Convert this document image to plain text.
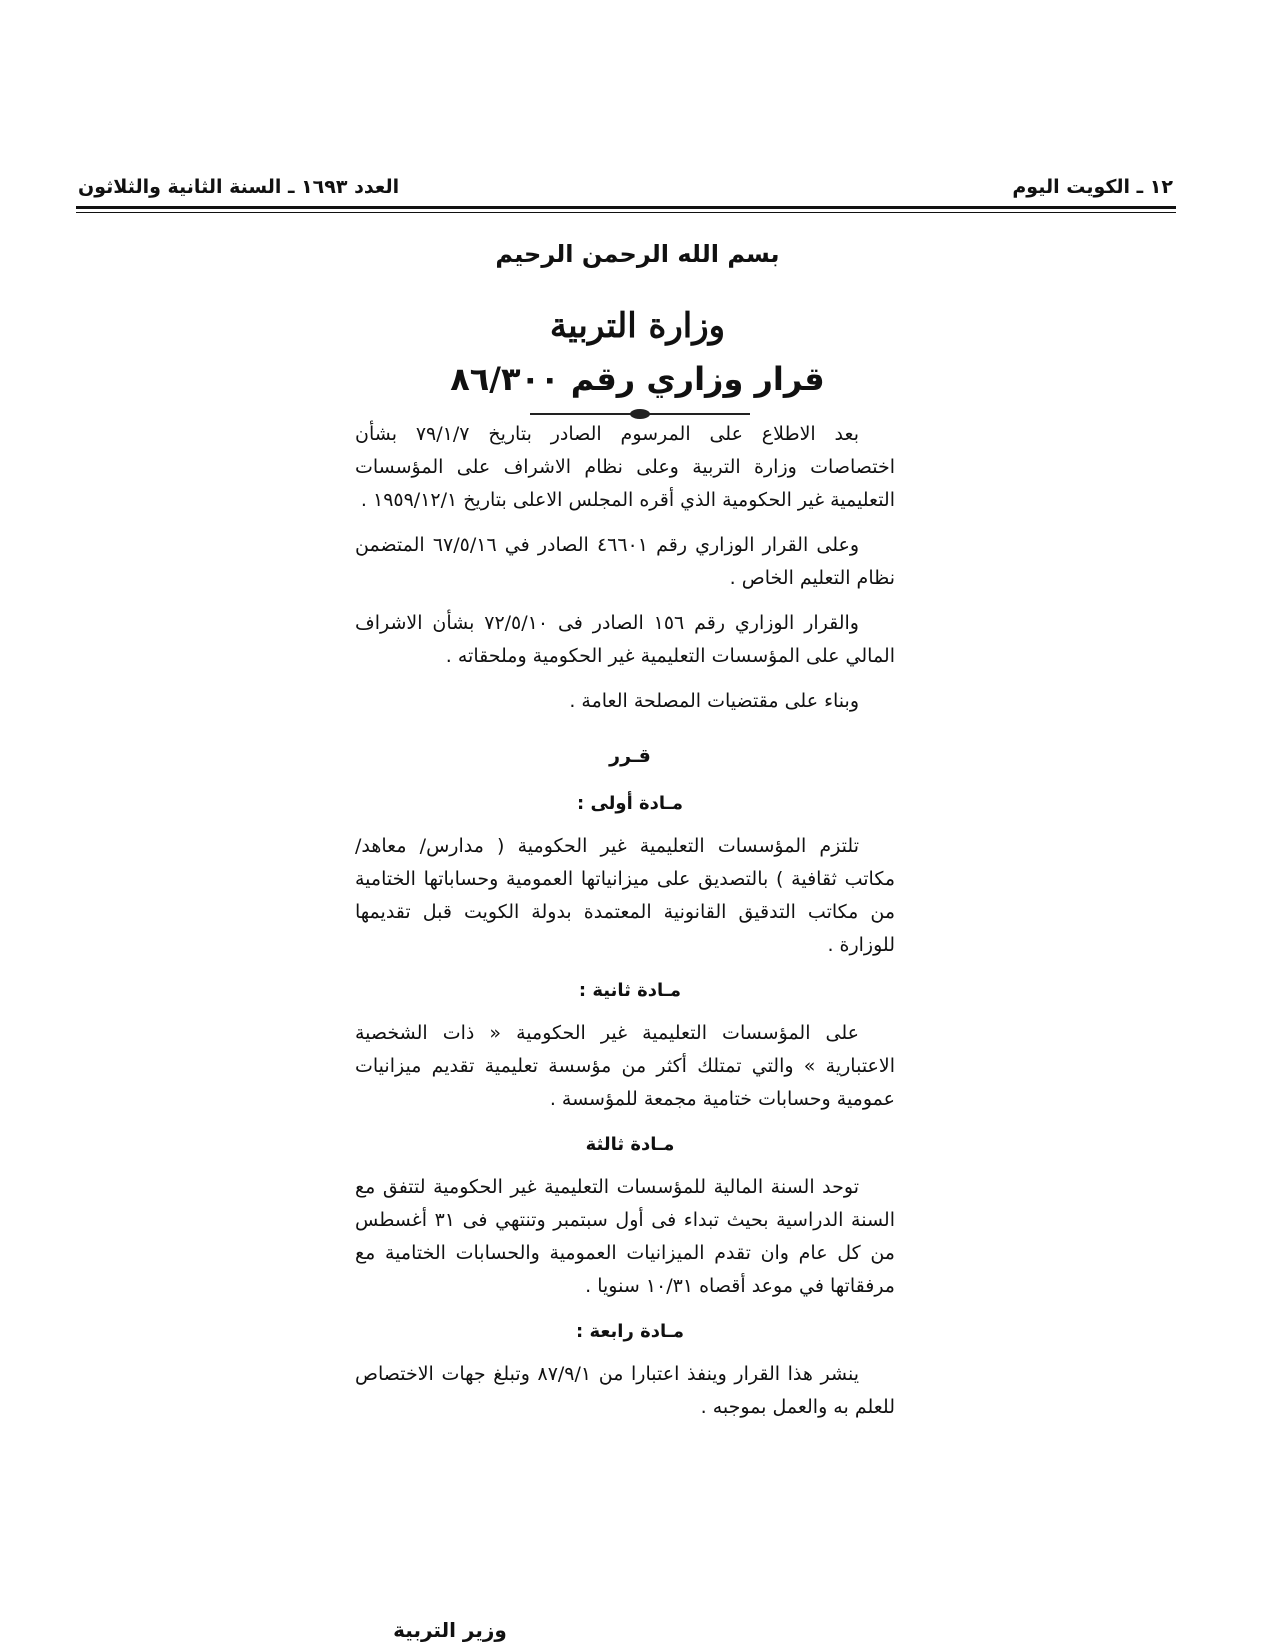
١٢ ـ الكويت اليوم
العدد ١٦٩٣ ـ السنة الثانية والثلاثون
بسم الله الرحمن الرحيم
وزارة التربية
قرار وزاري رقم ٨٦/٣٠٠

بعد الاطلاع على المرسوم الصادر بتاريخ ٧٩/١/٧ بشأن اختصاصات وزارة التربية وعلى نظام الاشراف على المؤسسات التعليمية غير الحكومية الذي أقره المجلس الاعلى بتاريخ ١٩٥٩/١٢/١ .

وعلى القرار الوزاري رقم ٤٦٦٠١ الصادر في ٦٧/٥/١٦ المتضمن نظام التعليم الخاص .

والقرار الوزاري رقم ١٥٦ الصادر فى ٧٢/٥/١٠ بشأن الاشراف المالي على المؤسسات التعليمية غير الحكومية وملحقاته .

وبناء على مقتضيات المصلحة العامة .

قـرر
مـادة أولى :

تلتزم المؤسسات التعليمية غير الحكومية ( مدارس/ معاهد/مكاتب ثقافية ) بالتصديق على ميزانياتها العمومية وحساباتها الختامية من مكاتب التدقيق القانونية المعتمدة بدولة الكويت قبل تقديمها للوزارة .

مـادة ثانية :

على المؤسسات التعليمية غير الحكومية « ذات الشخصية الاعتبارية » والتي تمتلك أكثر من مؤسسة تعليمية تقديم ميزانيات عمومية وحسابات ختامية مجمعة للمؤسسة .

مـادة ثالثة

توحد السنة المالية للمؤسسات التعليمية غير الحكومية لتتفق مع السنة الدراسية بحيث تبداء فى أول سبتمبر وتنتهي فى ٣١ أغسطس من كل عام وان تقدم الميزانيات العمومية والحسابات الختامية مع مرفقاتها في موعد أقصاه ١٠/٣١ سنويا .

مـادة رابعة :

ينشر هذا القرار وينفذ اعتبارا من ٨٧/٩/١ وتبلغ جهات الاختصاص للعلم به والعمل بموجبه .

وزير التربية
